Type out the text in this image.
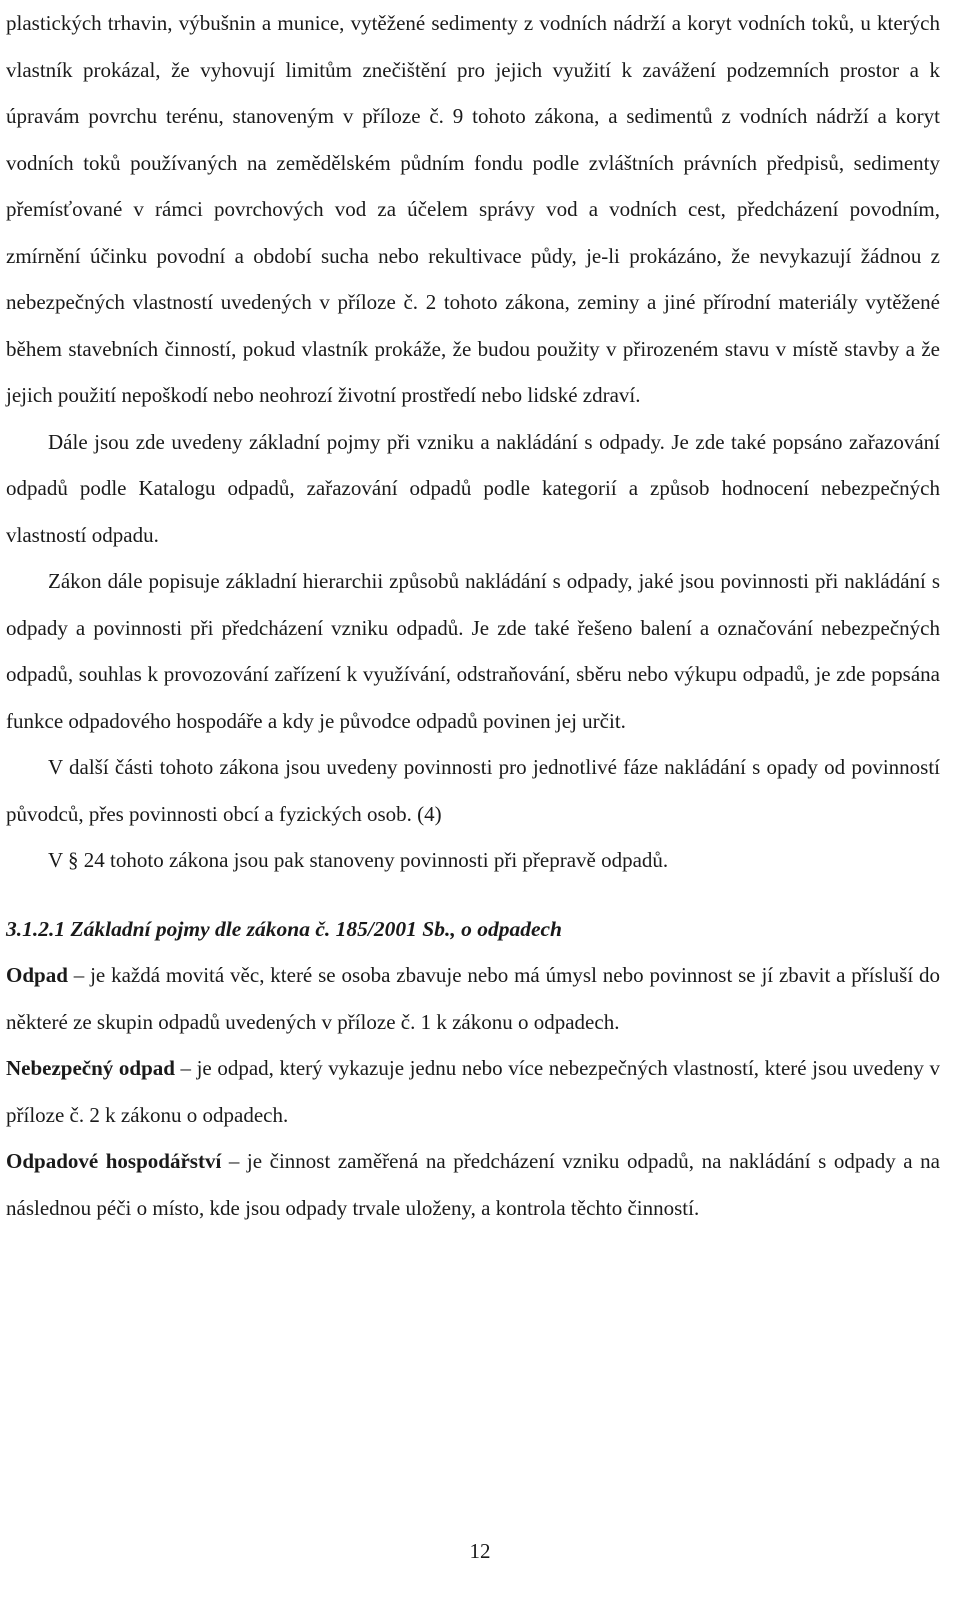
plastických trhavin, výbušnin a munice, vytěžené sedimenty z vodních nádrží a koryt vodních toků, u kterých vlastník prokázal, že vyhovují limitům znečištění pro jejich využití k zavážení podzemních prostor a k úpravám povrchu terénu, stanoveným v příloze č. 9 tohoto zákona, a sedimentů z vodních nádrží a koryt vodních toků používaných na zemědělském půdním fondu podle zvláštních právních předpisů, sedimenty přemísťované v rámci povrchových vod za účelem správy vod a vodních cest, předcházení povodním, zmírnění účinku povodní a období sucha nebo rekultivace půdy, je-li prokázáno, že nevykazují žádnou z nebezpečných vlastností uvedených v příloze č. 2 tohoto zákona, zeminy a jiné přírodní materiály vytěžené během stavebních činností, pokud vlastník prokáže, že budou použity v přirozeném stavu v místě stavby a že jejich použití nepoškodí nebo neohrozí životní prostředí nebo lidské zdraví.

Dále jsou zde uvedeny základní pojmy při vzniku a nakládání s odpady. Je zde také popsáno zařazování odpadů podle Katalogu odpadů, zařazování odpadů podle kategorií a způsob hodnocení nebezpečných vlastností odpadu.

Zákon dále popisuje základní hierarchii způsobů nakládání s odpady, jaké jsou povinnosti při nakládání s odpady a povinnosti při předcházení vzniku odpadů. Je zde také řešeno balení a označování nebezpečných odpadů, souhlas k provozování zařízení k využívání, odstraňování, sběru nebo výkupu odpadů, je zde popsána funkce odpadového hospodáře a kdy je původce odpadů povinen jej určit.

V další části tohoto zákona jsou uvedeny povinnosti pro jednotlivé fáze nakládání s opady od povinností původců, přes povinnosti obcí a fyzických osob. (4)

V § 24 tohoto zákona jsou pak stanoveny povinnosti při přepravě odpadů.

3.1.2.1 Základní pojmy dle zákona č. 185/2001 Sb., o odpadech

Odpad – je každá movitá věc, které se osoba zbavuje nebo má úmysl nebo povinnost se jí zbavit a přísluší do některé ze skupin odpadů uvedených v příloze č. 1 k zákonu o odpadech.

Nebezpečný odpad – je odpad, který vykazuje jednu nebo více nebezpečných vlastností, které jsou uvedeny v příloze č. 2 k zákonu o odpadech.

Odpadové hospodářství – je činnost zaměřená na předcházení vzniku odpadů, na nakládání s odpady a na následnou péči o místo, kde jsou odpady trvale uloženy, a kontrola těchto činností.

12
